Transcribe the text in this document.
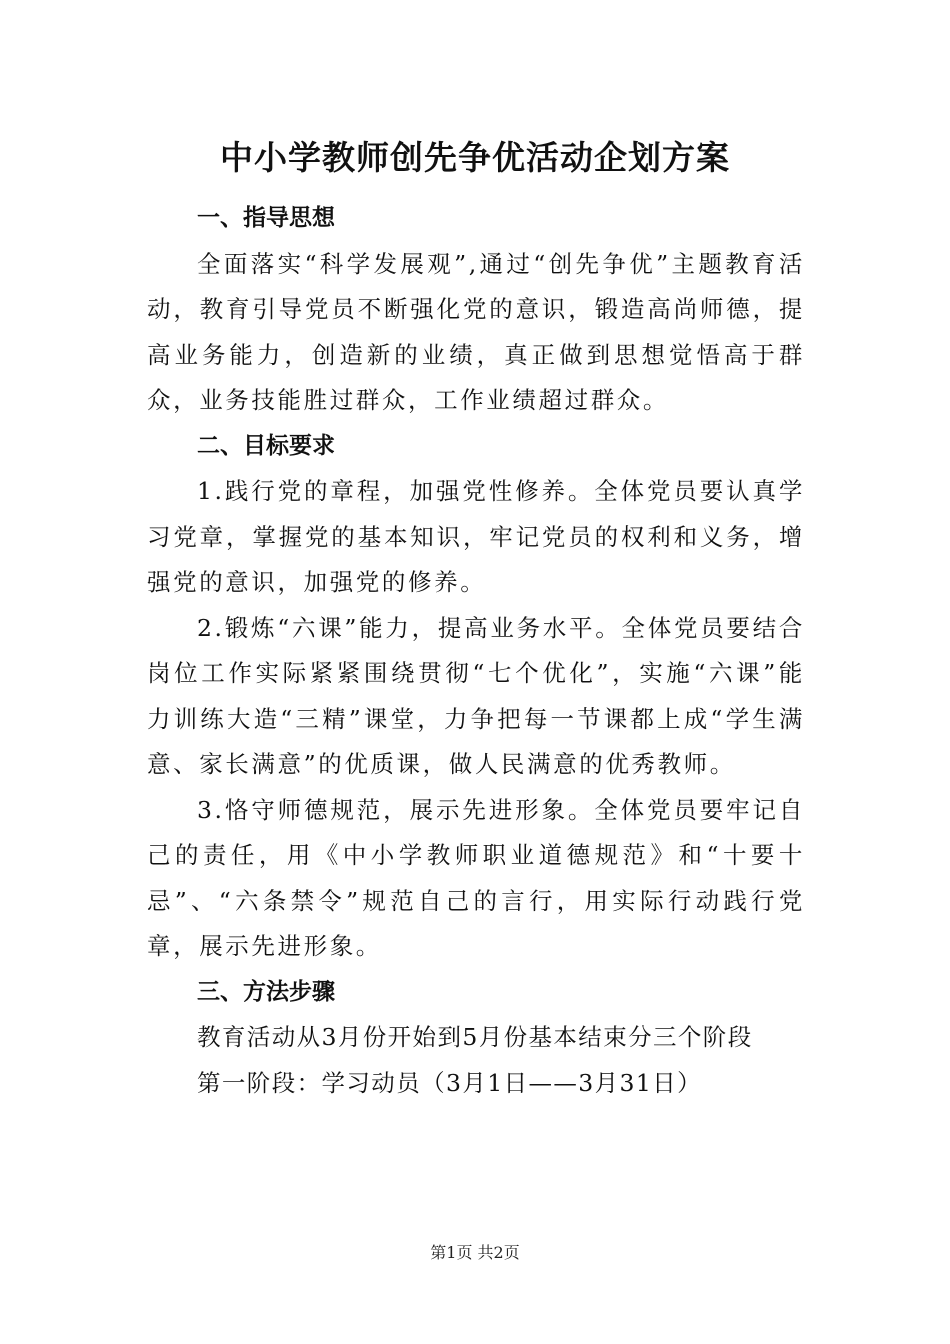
中小学教师创先争优活动企划方案
一、指导思想
全面落实“科学发展观”,通过“创先争优”主题教育活动，教育引导党员不断强化党的意识，锻造高尚师德，提高业务能力，创造新的业绩，真正做到思想觉悟高于群众，业务技能胜过群众，工作业绩超过群众。
二、目标要求
1.践行党的章程，加强党性修养。全体党员要认真学习党章，掌握党的基本知识，牢记党员的权利和义务，增强党的意识，加强党的修养。
2.锻炼“六课”能力，提高业务水平。全体党员要结合岗位工作实际紧紧围绕贯彻“七个优化”，实施“六课”能力训练大造“三精”课堂，力争把每一节课都上成“学生满意、家长满意”的优质课，做人民满意的优秀教师。
3.恪守师德规范，展示先进形象。全体党员要牢记自己的责任，用《中小学教师职业道德规范》和“十要十忌”、“六条禁令”规范自己的言行，用实际行动践行党章，展示先进形象。
三、方法步骤
教育活动从3月份开始到5月份基本结束分三个阶段
第一阶段：学习动员（3月1日——3月31日）
第1页 共2页
